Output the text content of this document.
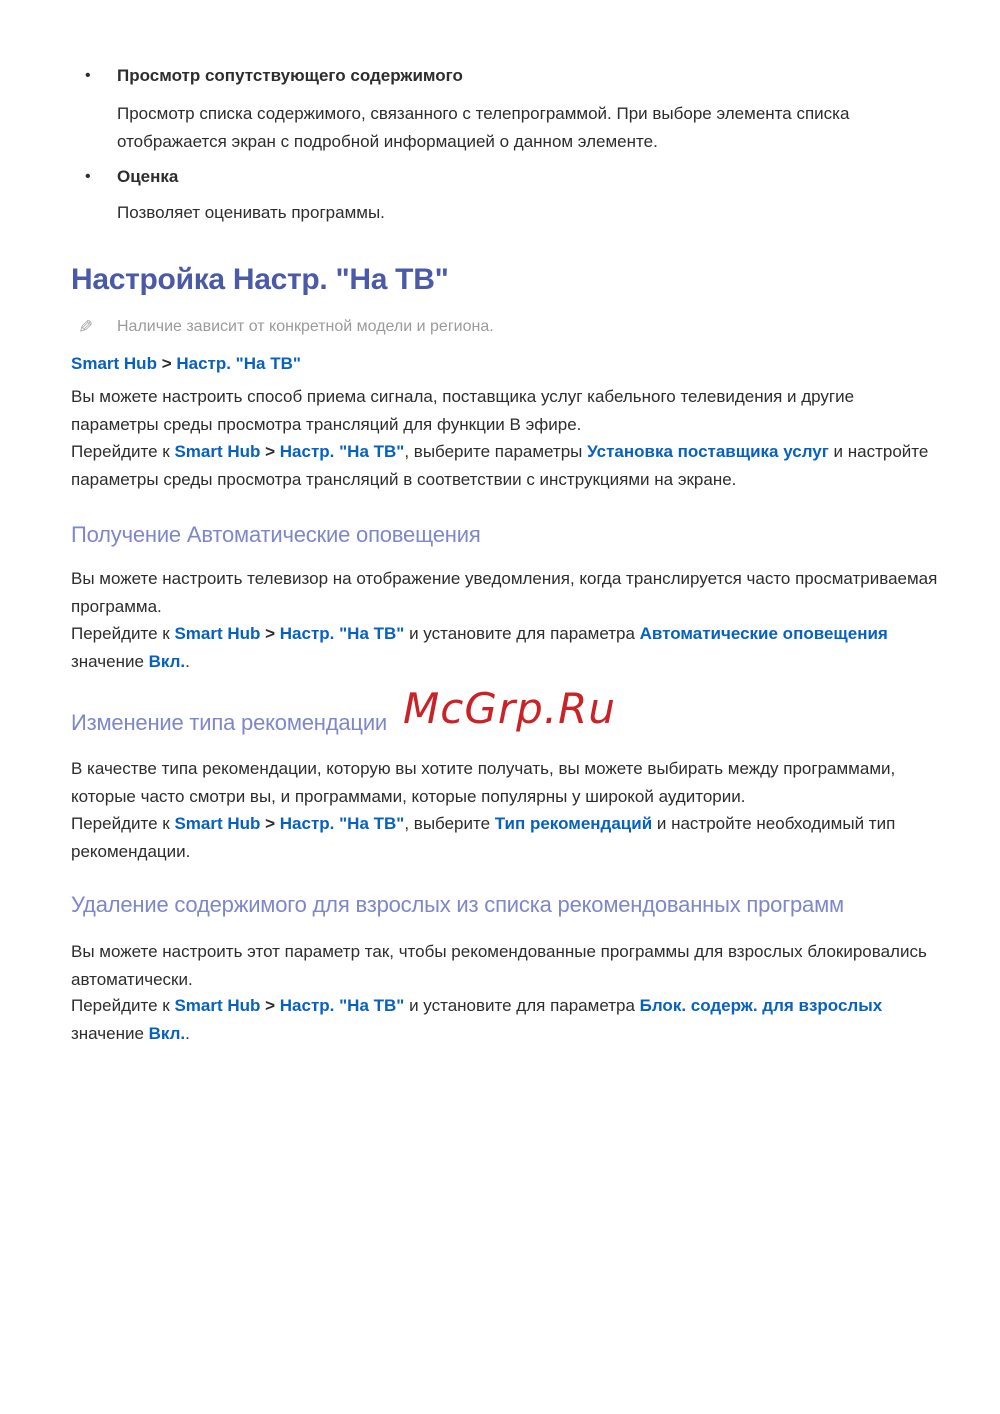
•	Просмотр сопутствующего содержимого

Просмотр списка содержимого, связанного с телепрограммой. При выборе элемента списка отображается экран с подробной информацией о данном элементе.

•	Оценка

Позволяет оценивать программы.

Настройка Настр. "На ТВ"
✎	Наличие зависит от конкретной модели и региона.
Smart Hub > Настр. "На ТВ"

Вы можете настроить способ приема сигнала, поставщика услуг кабельного телевидения и другие параметры среды просмотра трансляций для функции В эфире.

Перейдите к Smart Hub > Настр. "На ТВ", выберите параметры Установка поставщика услуг и настройте параметры среды просмотра трансляций в соответствии с инструкциями на экране.

Получение Автоматические оповещения

Вы можете настроить телевизор на отображение уведомления, когда транслируется часто просматриваемая программа.

Перейдите к Smart Hub > Настр. "На ТВ" и установите для параметра Автоматические оповещения значение Вкл..

McGrp.Ru
Изменение типа рекомендации

В качестве типа рекомендации, которую вы хотите получать, вы можете выбирать между программами, которые часто смотри вы, и программами, которые популярны у широкой аудитории.

Перейдите к Smart Hub > Настр. "На ТВ", выберите Тип рекомендаций и настройте необходимый тип рекомендации.

Удаление содержимого для взрослых из списка рекомендованных программ

Вы можете настроить этот параметр так, чтобы рекомендованные программы для взрослых блокировались автоматически.

Перейдите к Smart Hub > Настр. "На ТВ" и установите для параметра Блок. содерж. для взрослых значение Вкл..
